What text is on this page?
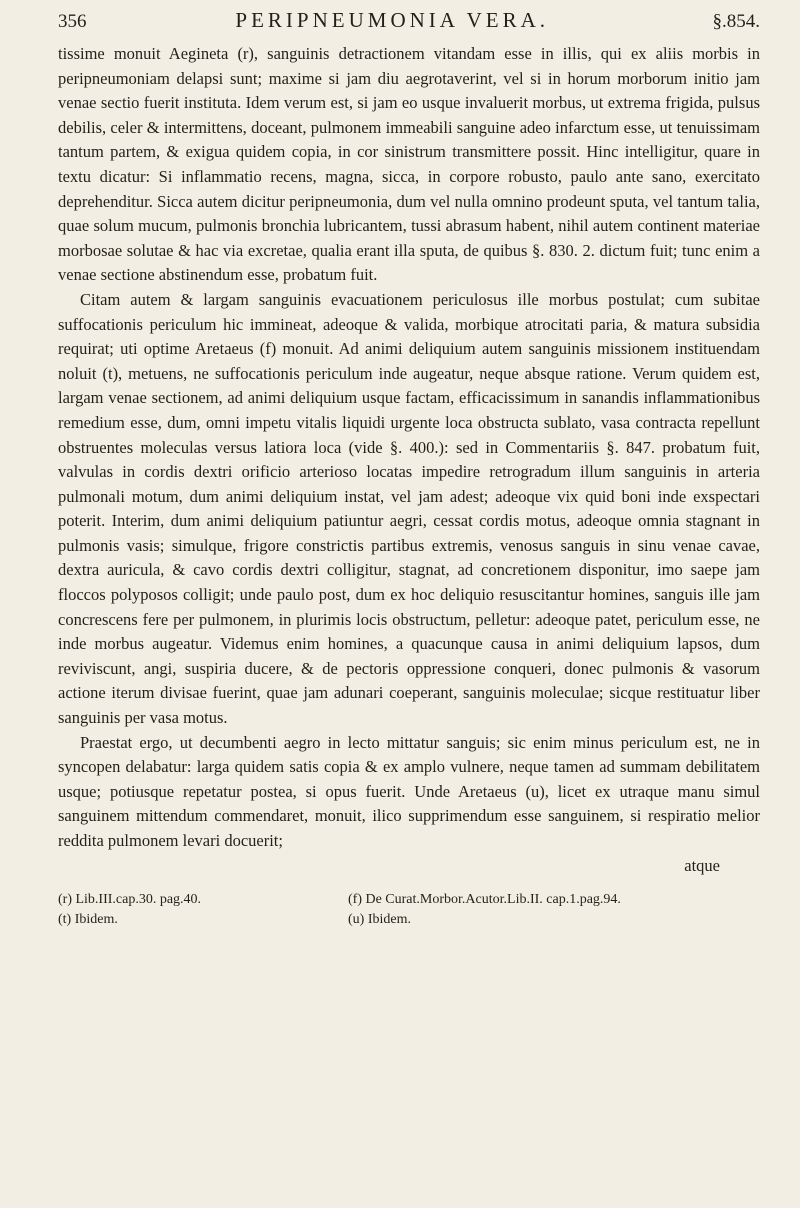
356	PERIPNEUMONIA VERA.	§.854.

tissime monuit Aegineta (r), sanguinis detractionem vitandam esse in illis, qui ex aliis morbis in peripneumoniam delapsi sunt; maxime si jam diu aegrotaverint, vel si in horum morborum initio jam venae sectio fuerit instituta. Idem verum est, si jam eo usque invaluerit morbus, ut extrema frigida, pulsus debilis, celer & intermittens, doceant, pulmonem immeabili sanguine adeo infarctum esse, ut tenuissimam tantum partem, & exigua quidem copia, in cor sinistrum transmittere possit. Hinc intelligitur, quare in textu dicatur: Si inflammatio recens, magna, sicca, in corpore robusto, paulo ante sano, exercitato deprehenditur. Sicca autem dicitur peripneumonia, dum vel nulla omnino prodeunt sputa, vel tantum talia, quae solum mucum, pulmonis bronchia lubricantem, tussi abrasum habent, nihil autem continent materiae morbosae solutae & hac via excretae, qualia erant illa sputa, de quibus §. 830. 2. dictum fuit; tunc enim a venae sectione abstinendum esse, probatum fuit.

Citam autem & largam sanguinis evacuationem periculosus ille morbus postulat; cum subitae suffocationis periculum hic immineat, adeoque & valida, morbique atrocitati paria, & matura subsidia requirat; uti optime Aretaeus (f) monuit. Ad animi deliquium autem sanguinis missionem instituendam noluit (t), metuens, ne suffocationis periculum inde augeatur, neque absque ratione. Verum quidem est, largam venae sectionem, ad animi deliquium usque factam, efficacissimum in sanandis inflammationibus remedium esse, dum, omni impetu vitalis liquidi urgente loca obstructa sublato, vasa contracta repellunt obstruentes moleculas versus latiora loca (vide §. 400.): sed in Commentariis §. 847. probatum fuit, valvulas in cordis dextri orificio arterioso locatas impedire retrogradum illum sanguinis in arteria pulmonali motum, dum animi deliquium instat, vel jam adest; adeoque vix quid boni inde exspectari poterit. Interim, dum animi deliquium patiuntur aegri, cessat cordis motus, adeoque omnia stagnant in pulmonis vasis; simulque, frigore constrictis partibus extremis, venosus sanguis in sinu venae cavae, dextra auricula, & cavo cordis dextri colligitur, stagnat, ad concretionem disponitur, imo saepe jam floccos polyposos colligit; unde paulo post, dum ex hoc deliquio resuscitantur homines, sanguis ille jam concrescens fere per pulmonem, in plurimis locis obstructum, pelletur: adeoque patet, periculum esse, ne inde morbus augeatur. Videmus enim homines, a quacunque causa in animi deliquium lapsos, dum reviviscunt, angi, suspiria ducere, & de pectoris oppressione conqueri, donec pulmonis & vasorum actione iterum divisae fuerint, quae jam adunari coeperant, sanguinis moleculae; sicque restituatur liber sanguinis per vasa motus.

Praestat ergo, ut decumbenti aegro in lecto mittatur sanguis; sic enim minus periculum est, ne in syncopen delabatur: larga quidem satis copia & ex amplo vulnere, neque tamen ad summam debilitatem usque; potiusque repetatur postea, si opus fuerit. Unde Aretaeus (u), licet ex utraque manu simul sanguinem mittendum commendaret, monuit, ilico supprimendum esse sanguinem, si respiratio melior reddita pulmonem levari docuerit;

atque
(r) Lib.III.cap.30. pag.40.	(f) De Curat.Morbor.Acutor.Lib.II. cap.1.pag.94.
(t) Ibidem.	(u) Ibidem.
